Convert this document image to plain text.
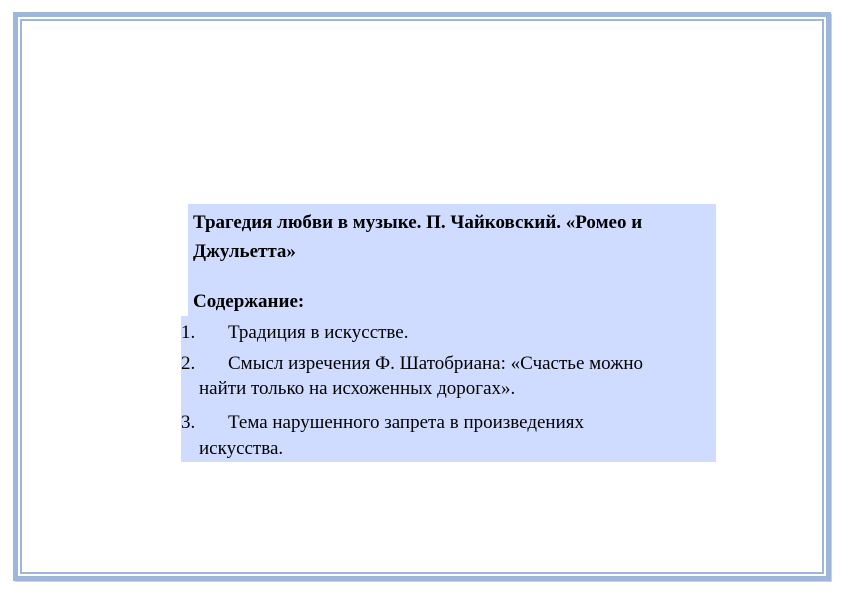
Трагедия любви в музыке. П. Чайковский. «Ромео и
Джульетта»
Содержание:
1. Традиция в искусстве.
2. Смысл изречения Ф. Шатобриана: «Счастье можно
найти только на исхоженных дорогах».
3. Тема нарушенного запрета в произведениях
искусства.
